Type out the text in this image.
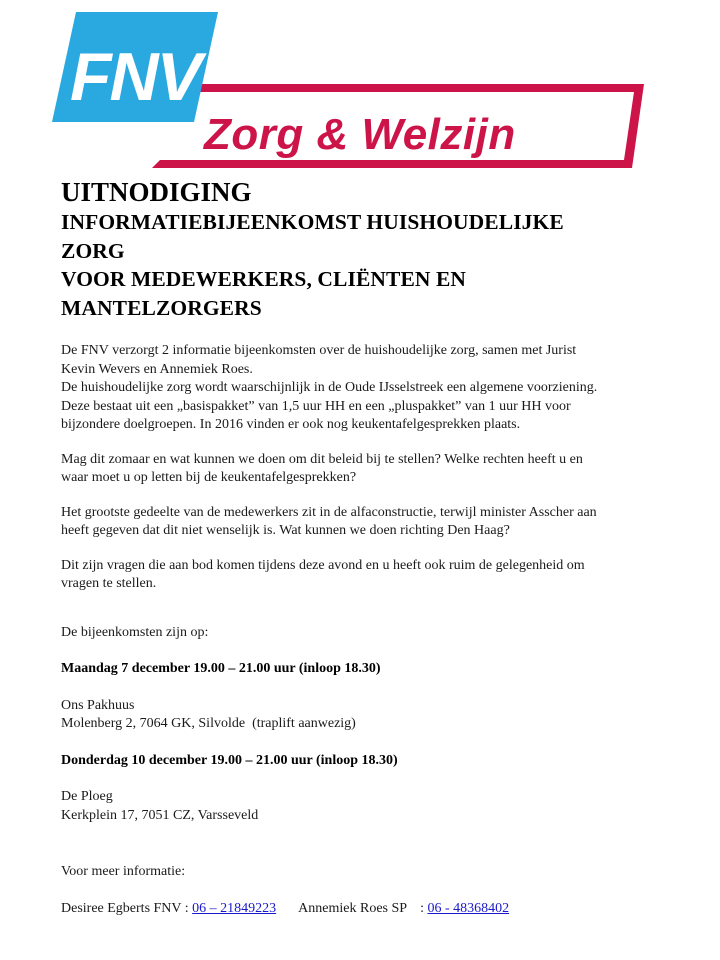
FNV
Zorg & Welzijn
UITNODIGING
INFORMATIEBIJEENKOMST HUISHOUDELIJKE
ZORG
VOOR MEDEWERKERS, CLIËNTEN EN
MANTELZORGERS

De FNV verzorgt 2 informatie bijeenkomsten over de huishoudelijke zorg, samen met Jurist

Kevin Wevers en Annemiek Roes.

De huishoudelijke zorg wordt waarschijnlijk in de Oude IJsselstreek een algemene voorziening.

Deze bestaat uit een „basispakket” van 1,5 uur HH en een „pluspakket” van 1 uur HH voor

bijzondere doelgroepen. In 2016 vinden er ook nog keukentafelgesprekken plaats.

Mag dit zomaar en wat kunnen we doen om dit beleid bij te stellen? Welke rechten heeft u en

waar moet u op letten bij de keukentafelgesprekken?

Het grootste gedeelte van de medewerkers zit in de alfaconstructie, terwijl minister Asscher aan

heeft gegeven dat dit niet wenselijk is. Wat kunnen we doen richting Den Haag?

Dit zijn vragen die aan bod komen tijdens deze avond en u heeft ook ruim de gelegenheid om

vragen te stellen.

De bijeenkomsten zijn op:

Maandag 7 december 19.00 – 21.00 uur (inloop 18.30)

Ons Pakhuus

Molenberg 2, 7064 GK, Silvolde  (traplift aanwezig)

Donderdag 10 december 19.00 – 21.00 uur (inloop 18.30)

De Ploeg

Kerkplein 17, 7051 CZ, Varsseveld

Voor meer informatie:
Desiree Egberts FNV : 06 – 21849223 Annemiek Roes SP : 06 - 48368402
